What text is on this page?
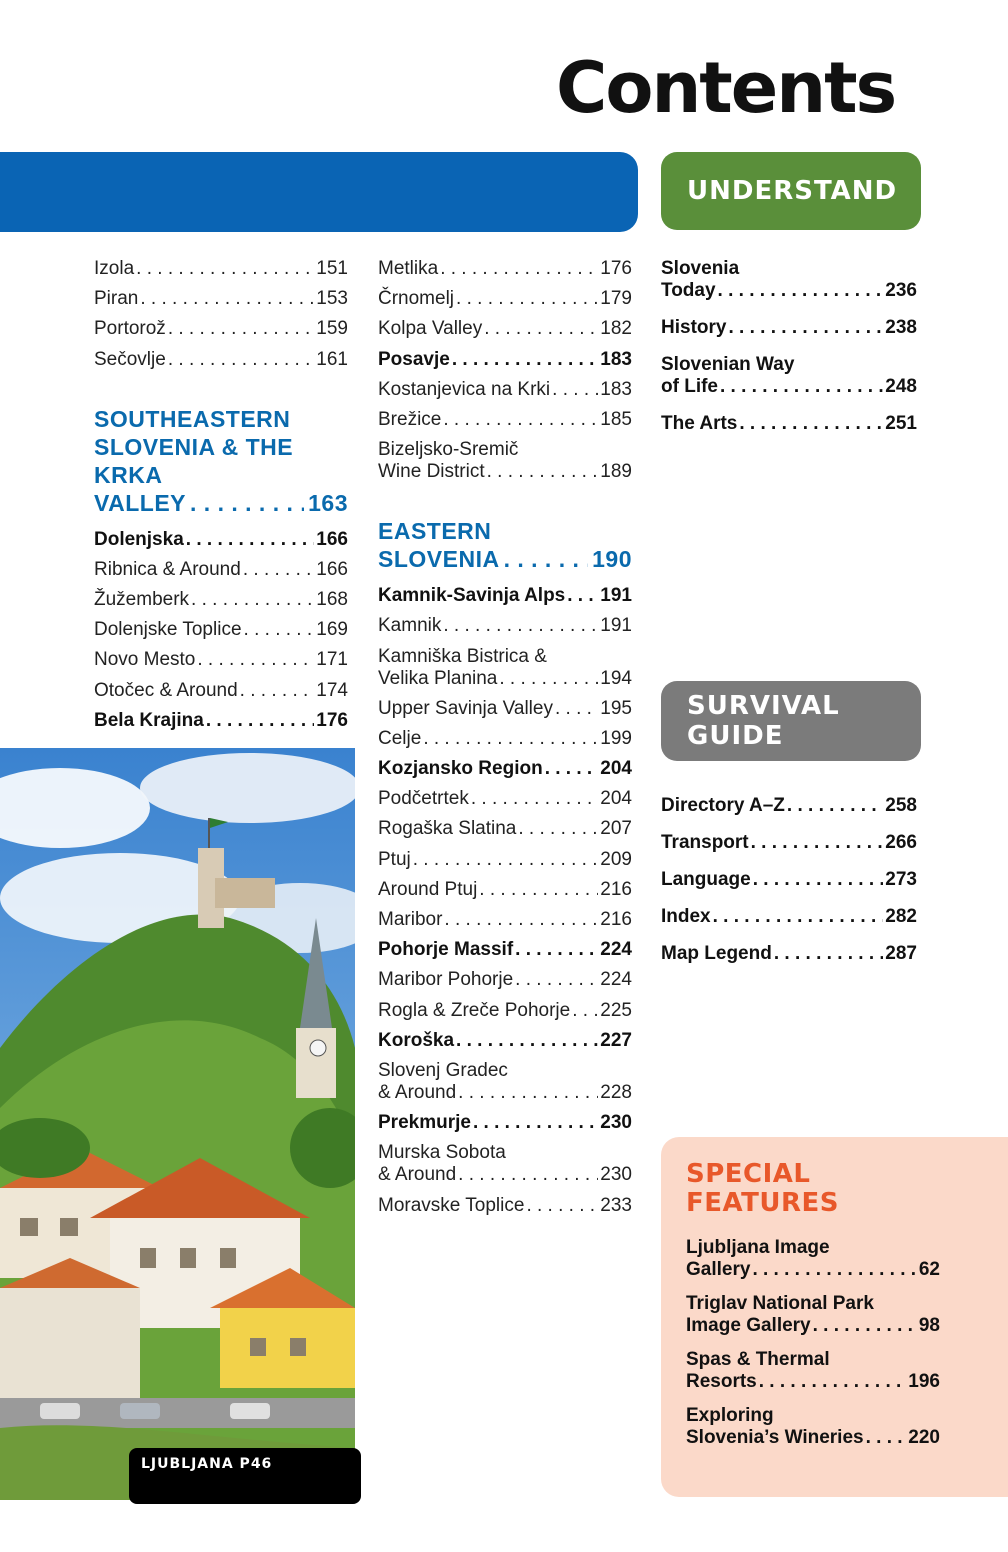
Contents
UNDERSTAND
SURVIVAL
GUIDE
Izola . . .	151
Piran . . .	153
Portorož . . .	159
Sečovlje . . .	161
SOUTHEASTERN
SLOVENIA & THE KRKA
VALLEY . . .	163
Dolenjska . . .	166
Ribnica & Around . . .	166
Žužemberk . . .	168
Dolenjske Toplice . . .	169
Novo Mesto . . .	171
Otočec & Around . . .	174
Bela Krajina . . .	176
Metlika . . .	176
Črnomelj . . .	179
Kolpa Valley . . .	182
Posavje . . .	183
Kostanjevica na Krki . . .	183
Brežice . . .	185
Bizeljsko-Sremič
Wine District . . .	189
EASTERN
SLOVENIA . . .	190
Kamnik-Savinja Alps . . . 191
Kamnik . . .	191
Kamniška Bistrica &
Velika Planina . . .	194
Upper Savinja Valley . . . 195
Celje . . .	199
Kozjansko Region . . .	204
Podčetrtek . . .	204
Rogaška Slatina . . .	207
Ptuj . . .	209
Around Ptuj . . .	216
Maribor . . .	216
Pohorje Massif . . .	224
Maribor Pohorje . . .	224
Rogla & Zreče Pohorje . . . 225
Koroška . . .	227
Slovenj Gradec
& Around . . .	228
Prekmurje . . .	230
Murska Sobota
& Around . . .	230
Moravske Toplice . . .	233
Slovenia
Today . . .	236
History . . .	238
Slovenian Way
of Life . . .	248
The Arts . . .	251
Directory A–Z . . .	258
Transport . . .	266
Language . . .	273
Index . . .	282
Map Legend . . .	287
SPECIAL
FEATURES
Ljubljana Image
Gallery . . .	62
Triglav National Park
Image Gallery . . .	98
Spas & Thermal
Resorts . . .	196
Exploring
Slovenia’s Wineries . . . 220
LJUBLJANA P46
